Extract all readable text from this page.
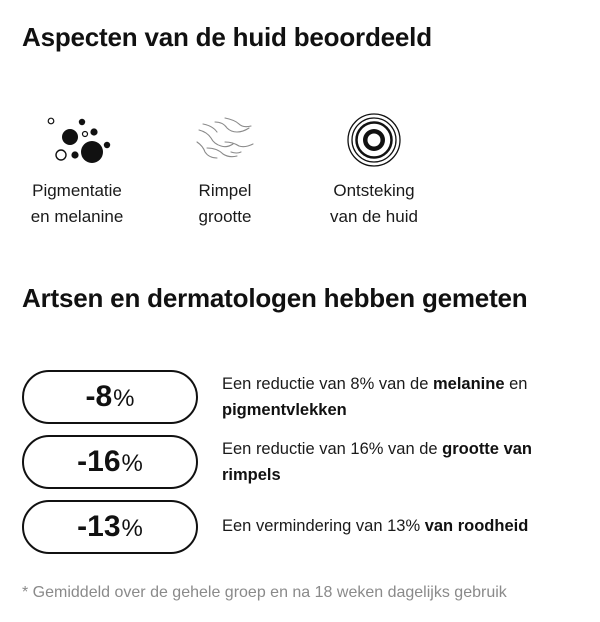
Aspecten van de huid beoordeeld
Pigmentatie
en melanine
Rimpel
grootte
Ontsteking
van de huid
Artsen en dermatologen hebben gemeten
-8 %
Een reductie van 8% van de melanine en pigmentvlekken
-16 %
Een reductie van 16% van de grootte van rimpels
-13 %	Een vermindering van 13% van roodheid
* Gemiddeld over de gehele groep en na 18 weken dagelijks gebruik
